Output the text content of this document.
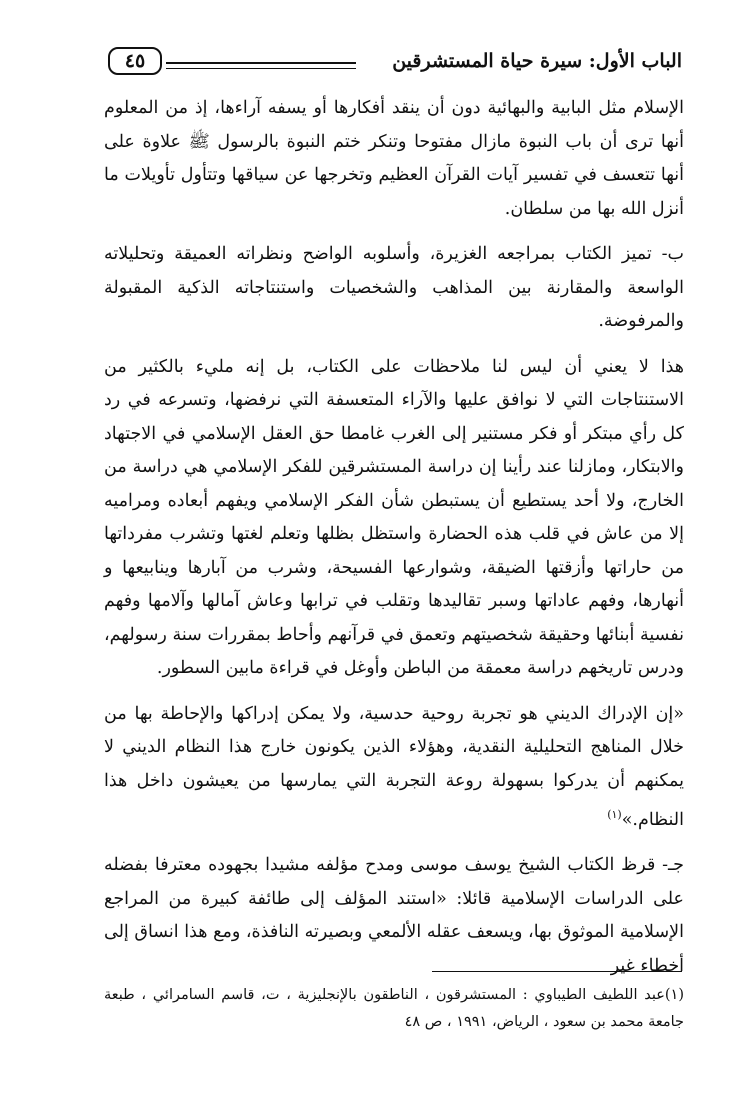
الباب الأول: سيرة حياة المستشرقين
٤٥

الإسلام مثل البابية والبهائية دون أن ينقد أفكارها أو يسفه آراءها، إذ من المعلوم أنها ترى أن باب النبوة مازال مفتوحا وتنكر ختم النبوة بالرسول ﷺ علاوة على أنها تتعسف في تفسير آيات القرآن العظيم وتخرجها عن سياقها وتتأول تأويلات ما أنزل الله بها من سلطان.

ب- تميز الكتاب بمراجعه الغزيرة، وأسلوبه الواضح ونظراته العميقة وتحليلاته الواسعة والمقارنة بين المذاهب والشخصيات واستنتاجاته الذكية المقبولة والمرفوضة.

هذا لا يعني أن ليس لنا ملاحظات على الكتاب، بل إنه مليء بالكثير من الاستنتاجات التي لا نوافق عليها والآراء المتعسفة التي نرفضها، وتسرعه في رد كل رأي مبتكر أو فكر مستنير إلى الغرب غامطا حق العقل الإسلامي في الاجتهاد والابتكار، ومازلنا عند رأينا إن دراسة المستشرقين للفكر الإسلامي هي دراسة من الخارج، ولا أحد يستطيع أن يستبطن شأن الفكر الإسلامي ويفهم أبعاده ومراميه إلا من عاش في قلب هذه الحضارة واستظل بظلها وتعلم لغتها وتشرب مفرداتها من حاراتها وأزقتها الضيقة، وشوارعها الفسيحة، وشرب من آبارها وينابيعها و أنهارها، وفهم عاداتها وسبر تقاليدها وتقلب في ترابها وعاش آمالها وآلامها وفهم نفسية أبنائها وحقيقة شخصيتهم وتعمق في قرآنهم وأحاط بمقررات سنة رسولهم، ودرس تاريخهم دراسة معمقة من الباطن وأوغل في قراءة مابين السطور.

«إن الإدراك الديني هو تجربة روحية حدسية، ولا يمكن إدراكها والإحاطة بها من خلال المناهج التحليلية النقدية، وهؤلاء الذين يكونون خارج هذا النظام الديني لا يمكنهم أن يدركوا بسهولة روعة التجربة التي يمارسها من يعيشون داخل هذا النظام.»$^{(١)}$

جـ- قرظ الكتاب الشيخ يوسف موسى ومدح مؤلفه مشيدا بجهوده معترفا بفضله على الدراسات الإسلامية قائلا: «استند المؤلف إلى طائفة كبيرة من المراجع الإسلامية الموثوق بها، ويسعف عقله الألمعي وبصيرته النافذة، ومع هذا انساق إلى أخطاء غير

(١)عبد اللطيف الطيباوي : المستشرقون ، الناطقون بالإنجليزية ، ت، قاسم السامرائي ، طبعة جامعة محمد بن سعود ، الرياض، ١٩٩١ ، ص ٤٨
